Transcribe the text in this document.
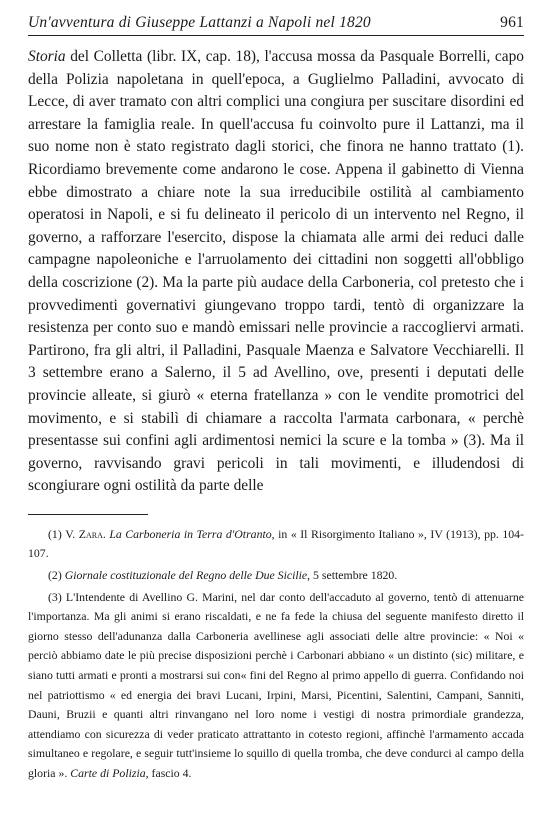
Un'avventura di Giuseppe Lattanzi a Napoli nel 1820	961

Storia del Colletta (libr. IX, cap. 18), l'accusa mossa da Pasquale Borrelli, capo della Polizia napoletana in quell'epoca, a Guglielmo Palladini, avvocato di Lecce, di aver tramato con altri complici una congiura per suscitare disordini ed arrestare la famiglia reale. In quell'accusa fu coinvolto pure il Lattanzi, ma il suo nome non è stato registrato dagli storici, che finora ne hanno trattato (1). Ricordiamo brevemente come andarono le cose. Appena il gabinetto di Vienna ebbe dimostrato a chiare note la sua irreducibile ostilità al cambiamento operatosi in Napoli, e si fu delineato il pericolo di un intervento nel Regno, il governo, a rafforzare l'esercito, dispose la chiamata alle armi dei reduci dalle campagne napoleoniche e l'arruolamento dei cittadini non soggetti all'obbligo della coscrizione (2). Ma la parte più audace della Carboneria, col pretesto che i provvedimenti governativi giungevano troppo tardi, tentò di organizzare la resistenza per conto suo e mandò emissari nelle provincie a raccogliervi armati. Partirono, fra gli altri, il Palladini, Pasquale Maenza e Salvatore Vecchiarelli. Il 3 settembre erano a Salerno, il 5 ad Avellino, ove, presenti i deputati delle provincie alleate, si giurò « eterna fratellanza » con le vendite promotrici del movimento, e si stabilì di chiamare a raccolta l'armata carbonara, « perchè presentasse sui confini agli ardimentosi nemici la scure e la tomba » (3). Ma il governo, ravvisando gravi pericoli in tali movimenti, e illudendosi di scongiurare ogni ostilità da parte delle

(1) V. Zara. La Carboneria in Terra d'Otranto, in « Il Risorgimento Italiano », IV (1913), pp. 104-107.

(2) Giornale costituzionale del Regno delle Due Sicilie, 5 settembre 1820.

(3) L'Intendente di Avellino G. Marini, nel dar conto dell'accaduto al governo, tentò di attenuarne l'importanza. Ma gli animi si erano riscaldati, e ne fa fede la chiusa del seguente manifesto diretto il giorno stesso dell'adunanza dalla Carboneria avellinese agli associati delle altre provincie: « Noi « perciò abbiamo date le più precise disposizioni perchè i Carbonari abbiano « un distinto (sic) militare, e siano tutti armati e pronti a mostrarsi sui con« fini del Regno al primo appello di guerra. Confidando noi nel patriottismo « ed energia dei bravi Lucani, Irpini, Marsi, Picentini, Salentini, Campani, Sanniti, Dauni, Bruzii e quanti altri rinvangano nel loro nome i vestigi di nostra primordiale grandezza, attendiamo con sicurezza di veder praticato attrattanto in cotesto regioni, affinchè l'armamento accada simultaneo e regolare, e seguir tutt'insieme lo squillo di quella tromba, che deve condurci al campo della gloria ». Carte di Polizia, fascio 4.
